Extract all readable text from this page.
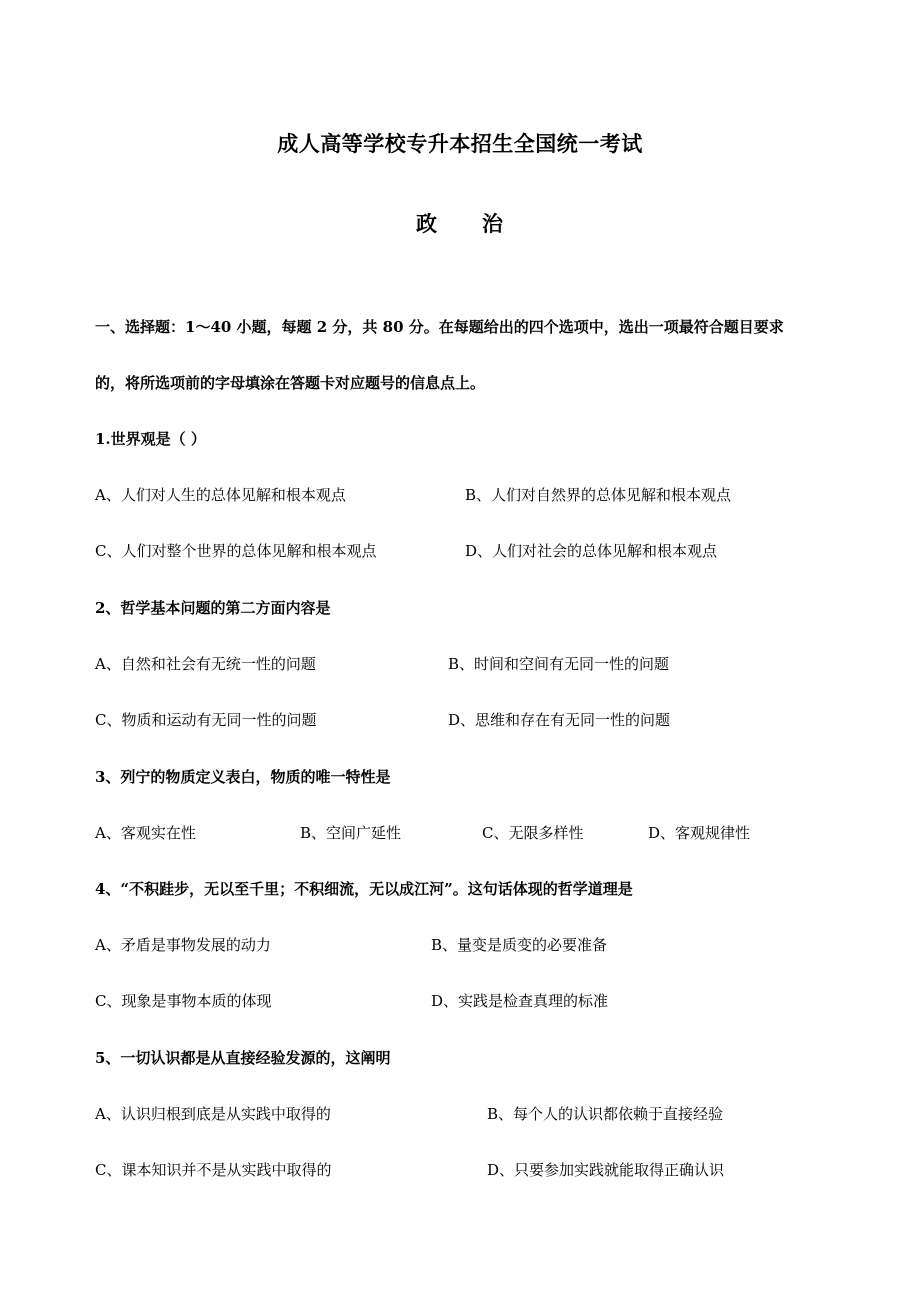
成人高等学校专升本招生全国统一考试
政 治
一、选择题：1～40 小题，每题 2 分，共 80 分。在每题给出的四个选项中，选出一项最符合题目要求
的，将所选项前的字母填涂在答题卡对应题号的信息点上。
1.世界观是（ ）
A、人们对人生的总体见解和根本观点	B、人们对自然界的总体见解和根本观点
C、人们对整个世界的总体见解和根本观点	D、人们对社会的总体见解和根本观点
2、哲学基本问题的第二方面内容是
A、自然和社会有无统一性的问题	B、时间和空间有无同一性的问题
C、物质和运动有无同一性的问题	D、思维和存在有无同一性的问题
3、列宁的物质定义表白，物质的唯一特性是
A、客观实在性	B、空间广延性	C、无限多样性	D、客观规律性
4、“不积跬步，无以至千里；不积细流，无以成江河”。这句话体现的哲学道理是
A、矛盾是事物发展的动力	B、量变是质变的必要准备
C、现象是事物本质的体现	D、实践是检查真理的标准
5、一切认识都是从直接经验发源的，这阐明
A、认识归根到底是从实践中取得的	B、每个人的认识都依赖于直接经验
C、课本知识并不是从实践中取得的	D、只要参加实践就能取得正确认识
